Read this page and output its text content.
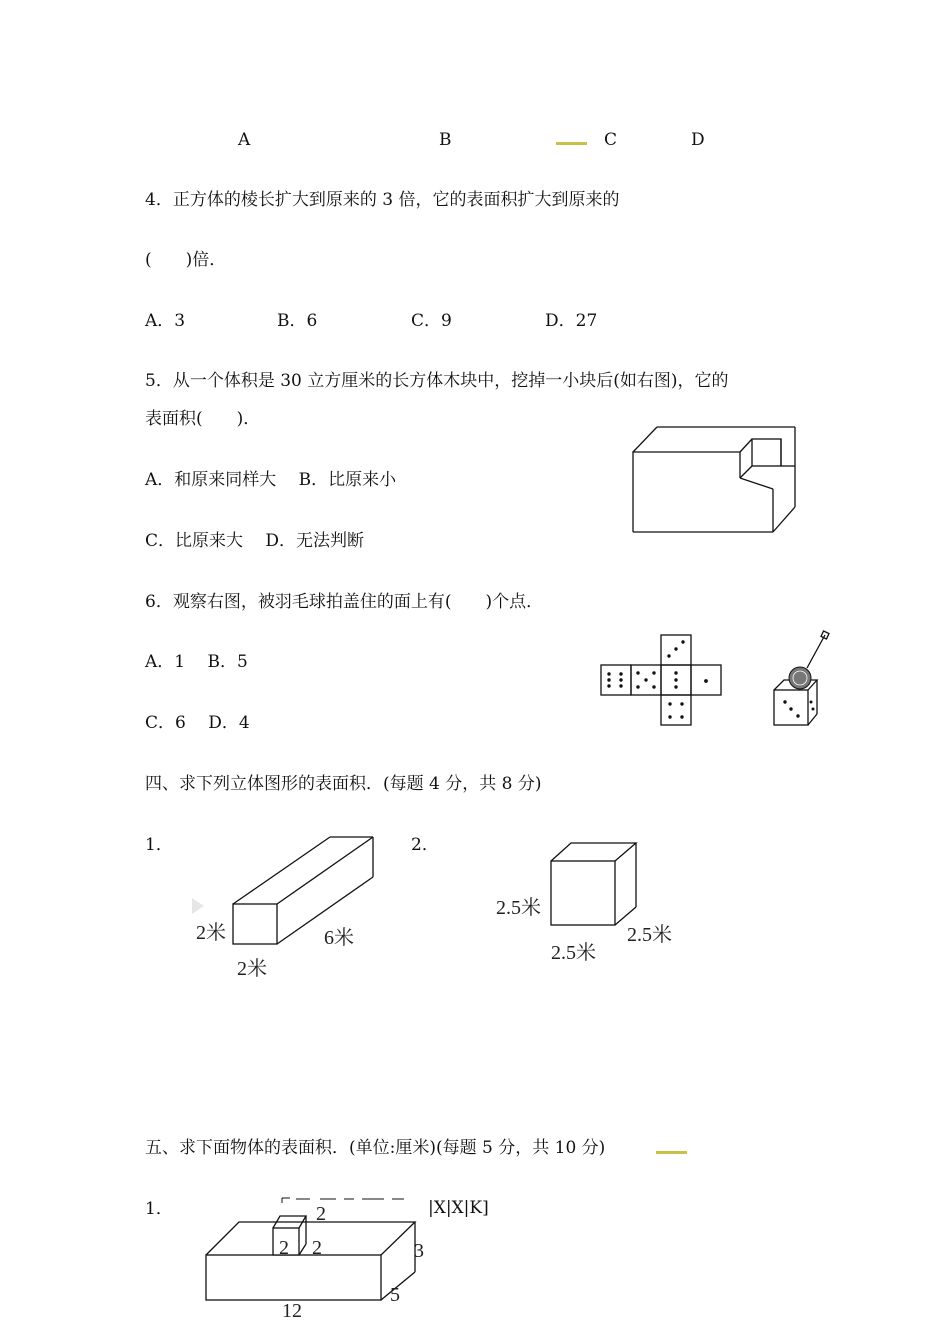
A	B	C	D
4．正方体的棱长扩大到原来的 3 倍，它的表面积扩大到原来的
(　　)倍．
A．3	B．6	C．9	D．27
5．从一个体积是 30 立方厘米的长方体木块中，挖掉一小块后(如右图)，它的
表面积(　　)．
A．和原来同样大　 B．比原来小
C．比原来大　 D．无法判断
6．观察右图，被羽毛球拍盖住的面上有(　　)个点．
A．1　 B．5
C．6　 D．4
四、求下列立体图形的表面积．(每题 4 分，共 8 分)
1．	2．
2米	6米
2米
2.5米
2.5米
2.5米
五、求下面物体的表面积．(单位:厘米)(每题 5 分，共 10 分)
1．	|X|X|K]
2
2 2	3
5
12
